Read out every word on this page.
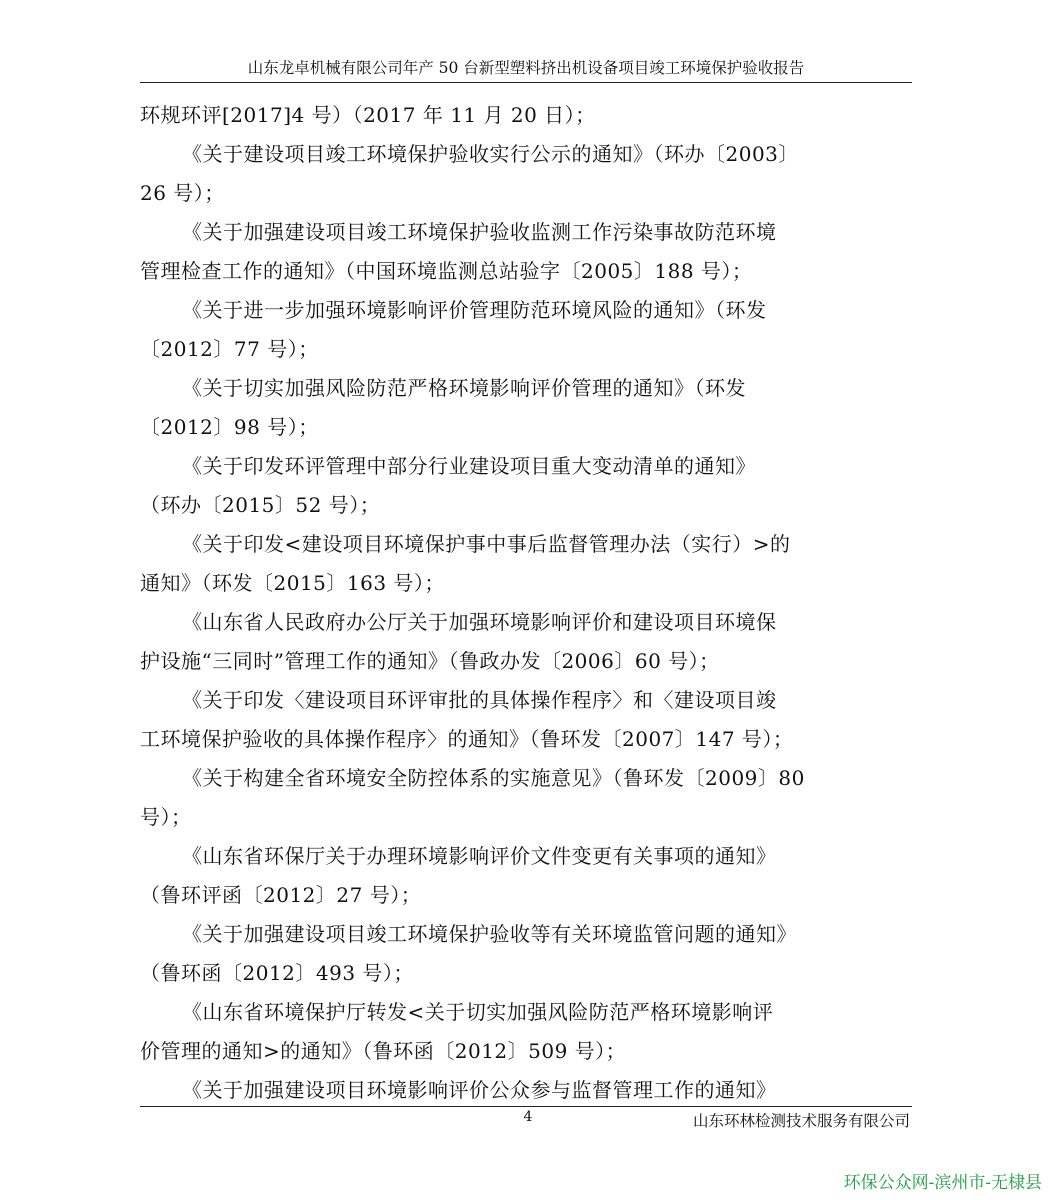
山东龙卓机械有限公司年产 50 台新型塑料挤出机设备项目竣工环境保护验收报告
环规环评[2017]4 号）（2017 年 11 月 20 日）；
《关于建设项目竣工环境保护验收实行公示的通知》（环办〔2003〕
26 号）；
《关于加强建设项目竣工环境保护验收监测工作污染事故防范环境
管理检查工作的通知》（中国环境监测总站验字〔2005〕188 号）；
《关于进一步加强环境影响评价管理防范环境风险的通知》（环发
〔2012〕77 号）；
《关于切实加强风险防范严格环境影响评价管理的通知》（环发
〔2012〕98 号）；
《关于印发环评管理中部分行业建设项目重大变动清单的通知》
（环办〔2015〕52 号）；
《关于印发<建设项目环境保护事中事后监督管理办法（实行）>的
通知》（环发〔2015〕163 号）；
《山东省人民政府办公厅关于加强环境影响评价和建设项目环境保
护设施“三同时”管理工作的通知》（鲁政办发〔2006〕60 号）；
《关于印发〈建设项目环评审批的具体操作程序〉和〈建设项目竣
工环境保护验收的具体操作程序〉的通知》（鲁环发〔2007〕147 号）；
《关于构建全省环境安全防控体系的实施意见》（鲁环发〔2009〕80
号）；
《山东省环保厅关于办理环境影响评价文件变更有关事项的通知》
（鲁环评函〔2012〕27 号）；
《关于加强建设项目竣工环境保护验收等有关环境监管问题的通知》
（鲁环函〔2012〕493 号）；
《山东省环境保护厅转发<关于切实加强风险防范严格环境影响评
价管理的通知>的通知》（鲁环函〔2012〕509 号）；
《关于加强建设项目环境影响评价公众参与监督管理工作的通知》
4	山东环林检测技术服务有限公司
环保公众网-滨州市-无棣县
